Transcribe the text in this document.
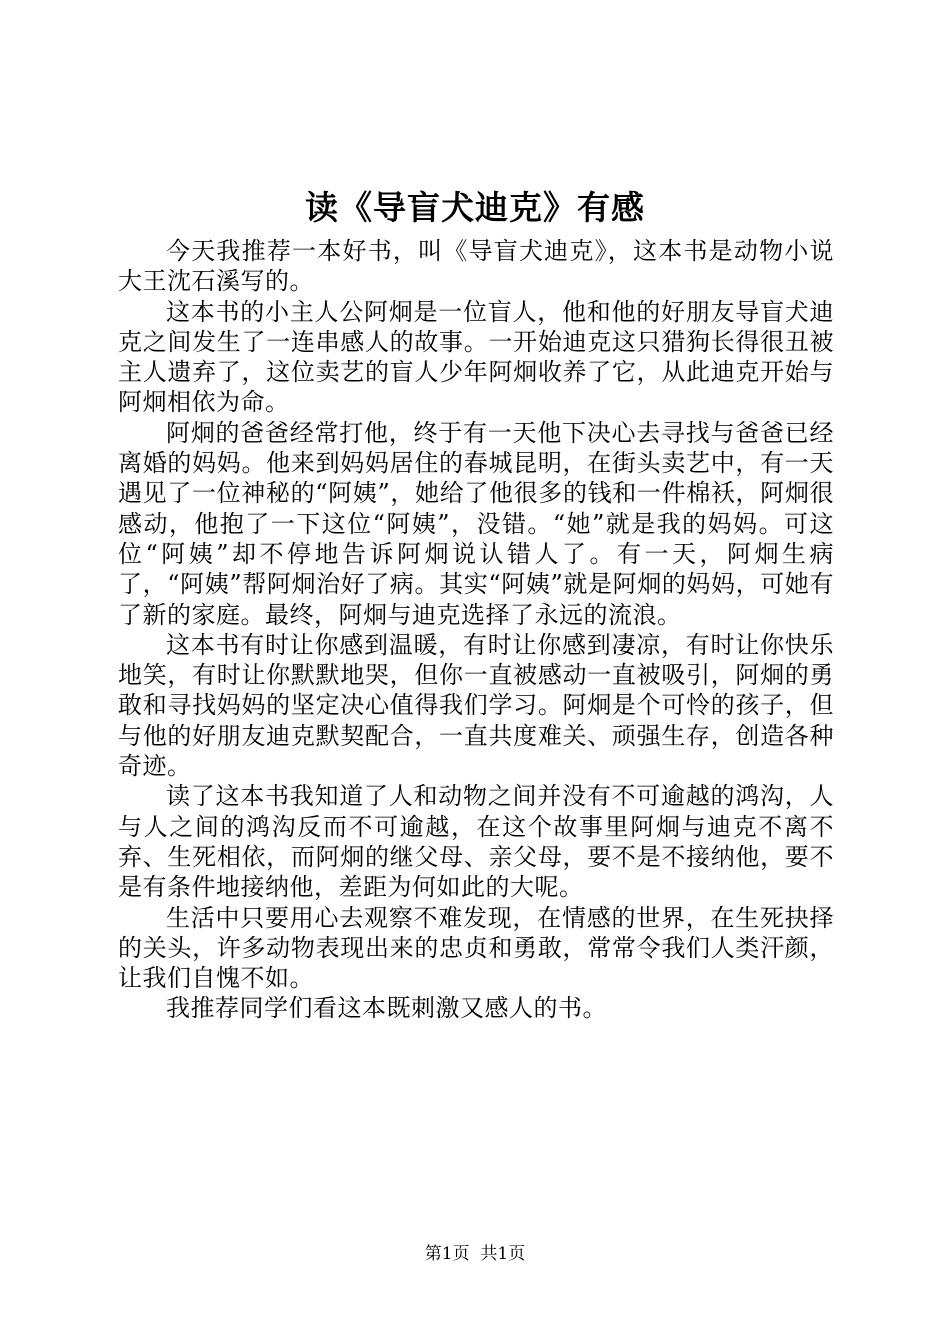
读《导盲犬迪克》有感

今天我推荐一本好书，叫《导盲犬迪克》，这本书是动物小说大王沈石溪写的。

这本书的小主人公阿炯是一位盲人，他和他的好朋友导盲犬迪克之间发生了一连串感人的故事。一开始迪克这只猎狗长得很丑被主人遗弃了，这位卖艺的盲人少年阿炯收养了它，从此迪克开始与阿炯相依为命。

阿炯的爸爸经常打他，终于有一天他下决心去寻找与爸爸已经离婚的妈妈。他来到妈妈居住的春城昆明，在街头卖艺中，有一天遇见了一位神秘的“阿姨”，她给了他很多的钱和一件棉袄，阿炯很感动，他抱了一下这位“阿姨”，没错。“她”就是我的妈妈。可这位“阿姨”却不停地告诉阿炯说认错人了。有一天，阿炯生病了，“阿姨”帮阿炯治好了病。其实“阿姨”就是阿炯的妈妈，可她有了新的家庭。最终，阿炯与迪克选择了永远的流浪。

这本书有时让你感到温暖，有时让你感到凄凉，有时让你快乐地笑，有时让你默默地哭，但你一直被感动一直被吸引，阿炯的勇敢和寻找妈妈的坚定决心值得我们学习。阿炯是个可怜的孩子，但与他的好朋友迪克默契配合，一直共度难关、顽强生存，创造各种奇迹。

读了这本书我知道了人和动物之间并没有不可逾越的鸿沟，人与人之间的鸿沟反而不可逾越，在这个故事里阿炯与迪克不离不弃、生死相依，而阿炯的继父母、亲父母，要不是不接纳他，要不是有条件地接纳他，差距为何如此的大呢。

生活中只要用心去观察不难发现，在情感的世界，在生死抉择的关头，许多动物表现出来的忠贞和勇敢，常常令我们人类汗颜，让我们自愧不如。

我推荐同学们看这本既刺激又感人的书。

第1页  共1页
